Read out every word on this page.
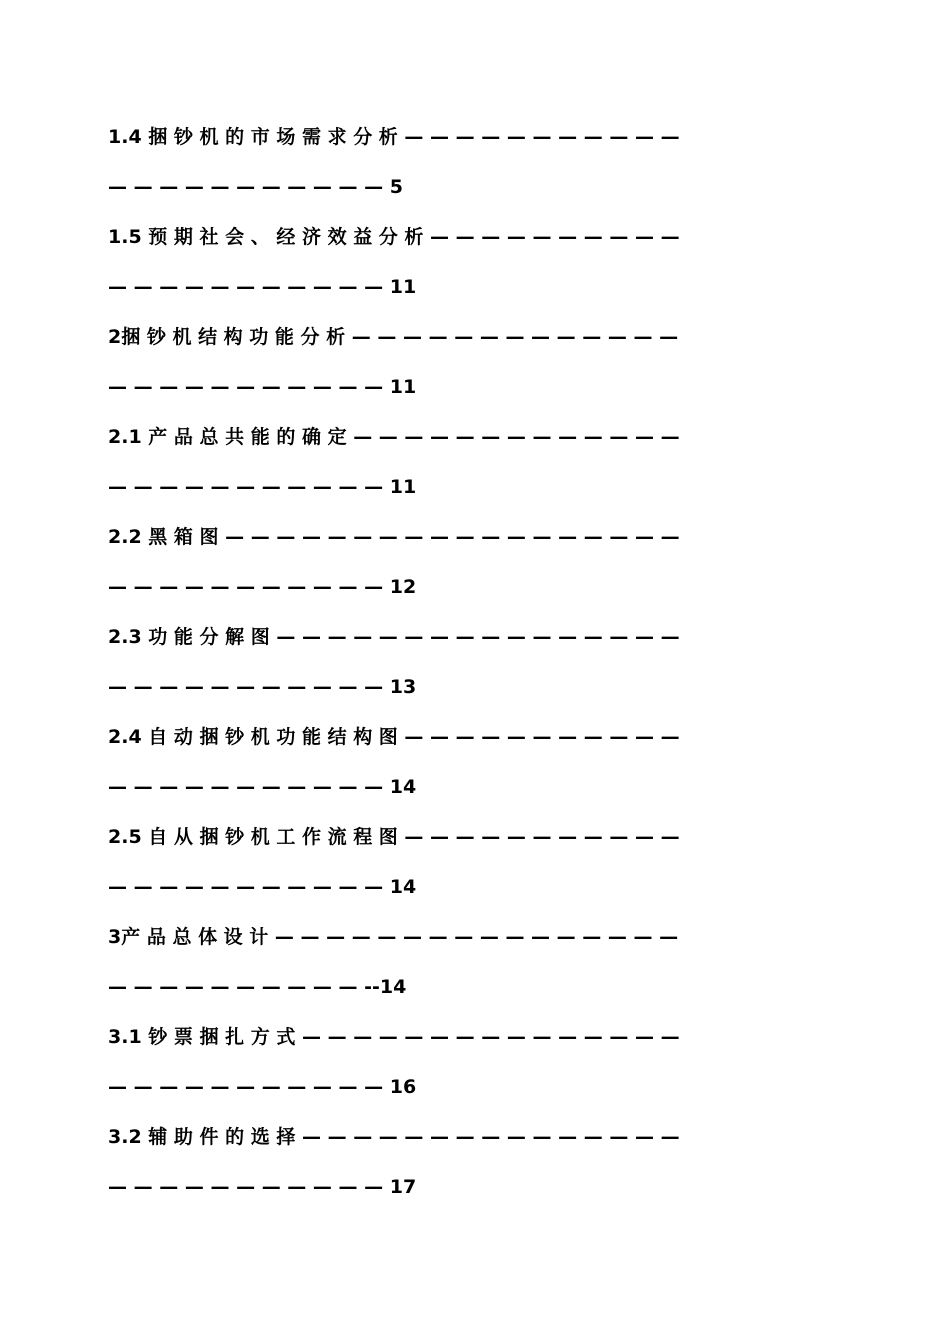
1.4 捆 钞 机 的 市 场 需 求 分 析 — — — — — — — — — — —
— — — — — — — — — — — 5
1.5 预 期 社 会 、 经 济 效 益 分 析 — — — — — — — — — —
— — — — — — — — — — — 11
2捆 钞 机 结 构 功 能 分 析 — — — — — — — — — — — — —
— — — — — — — — — — — 11
2.1 产 品 总 共 能 的 确 定 — — — — — — — — — — — — —
— — — — — — — — — — — 11
2.2 黑 箱 图 — — — — — — — — — — — — — — — — — —
— — — — — — — — — — — 12
2.3 功 能 分 解 图 — — — — — — — — — — — — — — — —
— — — — — — — — — — — 13
2.4 自 动 捆 钞 机 功 能 结 构 图 — — — — — — — — — — —
— — — — — — — — — — — 14
2.5 自 从 捆 钞 机 工 作 流 程 图 — — — — — — — — — — —
— — — — — — — — — — — 14
3产 品 总 体 设 计 — — — — — — — — — — — — — — — —
— — — — — — — — — — --14
3.1 钞 票 捆 扎 方 式 — — — — — — — — — — — — — — —
— — — — — — — — — — — 16
3.2 辅 助 件 的 选 择 — — — — — — — — — — — — — — —
— — — — — — — — — — — 17
